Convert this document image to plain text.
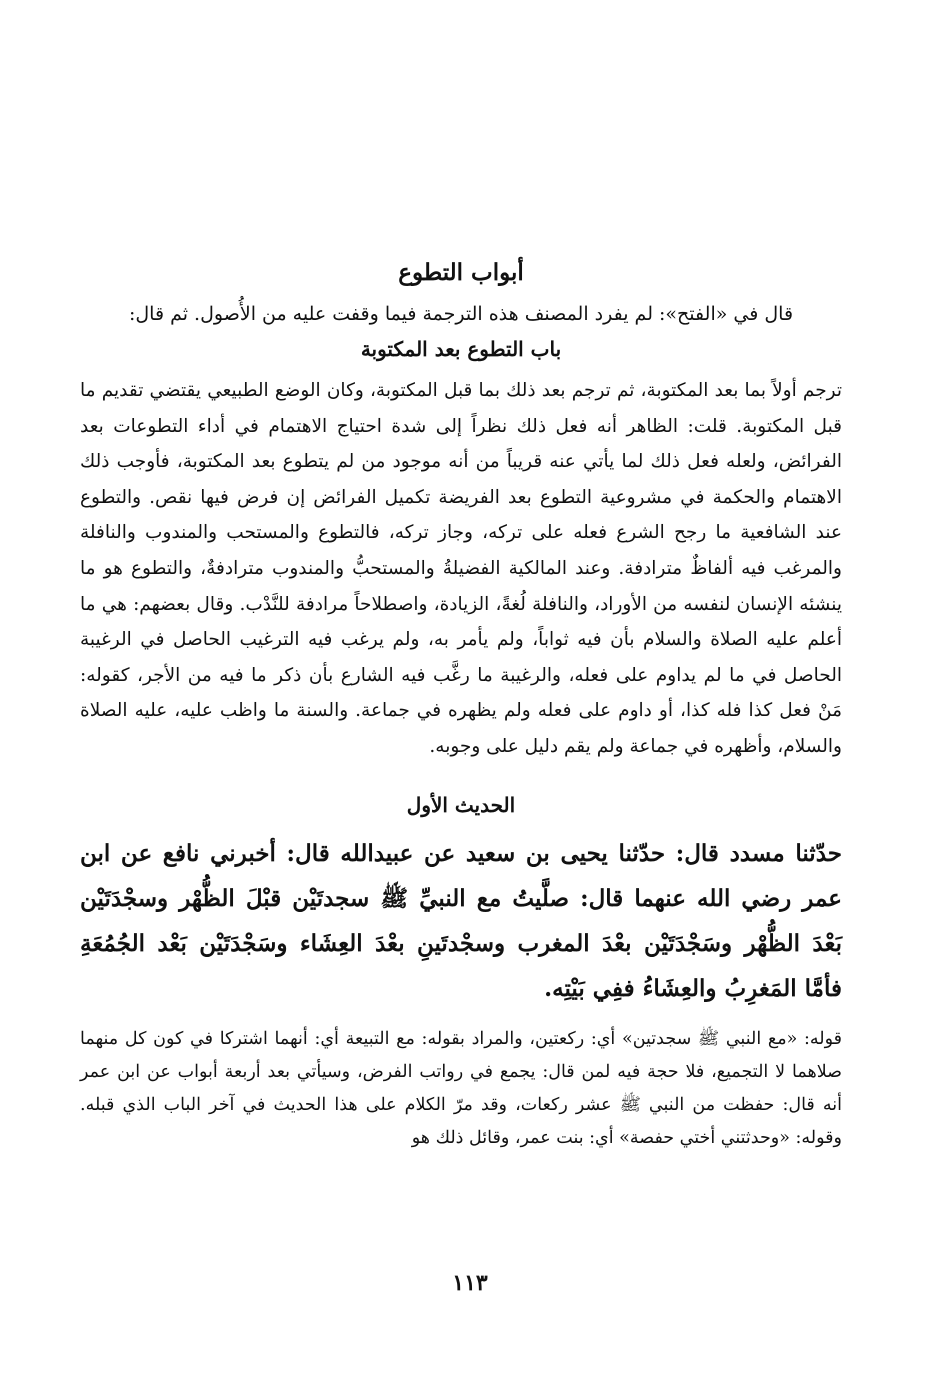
أبواب التطوع

قال في «الفتح»: لم يفرد المصنف هذه الترجمة فيما وقفت عليه من الأُصول. ثم قال:

باب التطوع بعد المكتوبة

ترجم أولاً بما بعد المكتوبة، ثم ترجم بعد ذلك بما قبل المكتوبة، وكان الوضع الطبيعي يقتضي تقديم ما قبل المكتوبة. قلت: الظاهر أنه فعل ذلك نظراً إلى شدة احتياج الاهتمام في أداء التطوعات بعد الفرائض، ولعله فعل ذلك لما يأتي عنه قريباً من أنه موجود من لم يتطوع بعد المكتوبة، فأوجب ذلك الاهتمام والحكمة في مشروعية التطوع بعد الفريضة تكميل الفرائض إن فرض فيها نقص. والتطوع عند الشافعية ما رجح الشرع فعله على تركه، وجاز تركه، فالتطوع والمستحب والمندوب والنافلة والمرغب فيه ألفاظٌ مترادفة. وعند المالكية الفضيلةُ والمستحبُّ والمندوب مترادفةٌ، والتطوع هو ما ينشئه الإنسان لنفسه من الأوراد، والنافلة لُغةً، الزيادة، واصطلاحاً مرادفة للنَّدْب. وقال بعضهم: هي ما أعلم عليه الصلاة والسلام بأن فيه ثواباً، ولم يأمر به، ولم يرغب فيه الترغيب الحاصل في الرغيبة الحاصل في ما لم يداوم على فعله، والرغيبة ما رغَّب فيه الشارع بأن ذكر ما فيه من الأجر، كقوله: مَنْ فعل كذا فله كذا، أو داوم على فعله ولم يظهره في جماعة. والسنة ما واظب عليه، عليه الصلاة والسلام، وأظهره في جماعة ولم يقم دليل على وجوبه.

الحديث الأول

حدّثنا مسدد قال: حدّثنا يحيى بن سعيد عن عبيدالله قال: أخبرني نافع عن ابن عمر رضي الله عنهما قال: صلَّيتُ مع النبيِّ ﷺ سجدتَيْن قبْلَ الظُّهْر وسجْدَتَيْن بَعْدَ الظُّهْر وسَجْدَتَيْن بعْدَ المغرب وسجْدتَينِ بعْدَ العِشَاء وسَجْدَتَيْن بَعْد الجُمُعَةِ فأمَّا المَغرِبُ والعِشَاءُ ففِي بَيْتِه.

قوله: «مع النبي ﷺ سجدتين» أي: ركعتين، والمراد بقوله: مع التبيعة أي: أنهما اشتركا في كون كل منهما صلاهما لا التجميع، فلا حجة فيه لمن قال: يجمع في رواتب الفرض، وسيأتي بعد أربعة أبواب عن ابن عمر أنه قال: حفظت من النبي ﷺ عشر ركعات، وقد مرّ الكلام على هذا الحديث في آخر الباب الذي قبله. وقوله: «وحدثتني أختي حفصة» أي: بنت عمر، وقائل ذلك هو

١١٣
